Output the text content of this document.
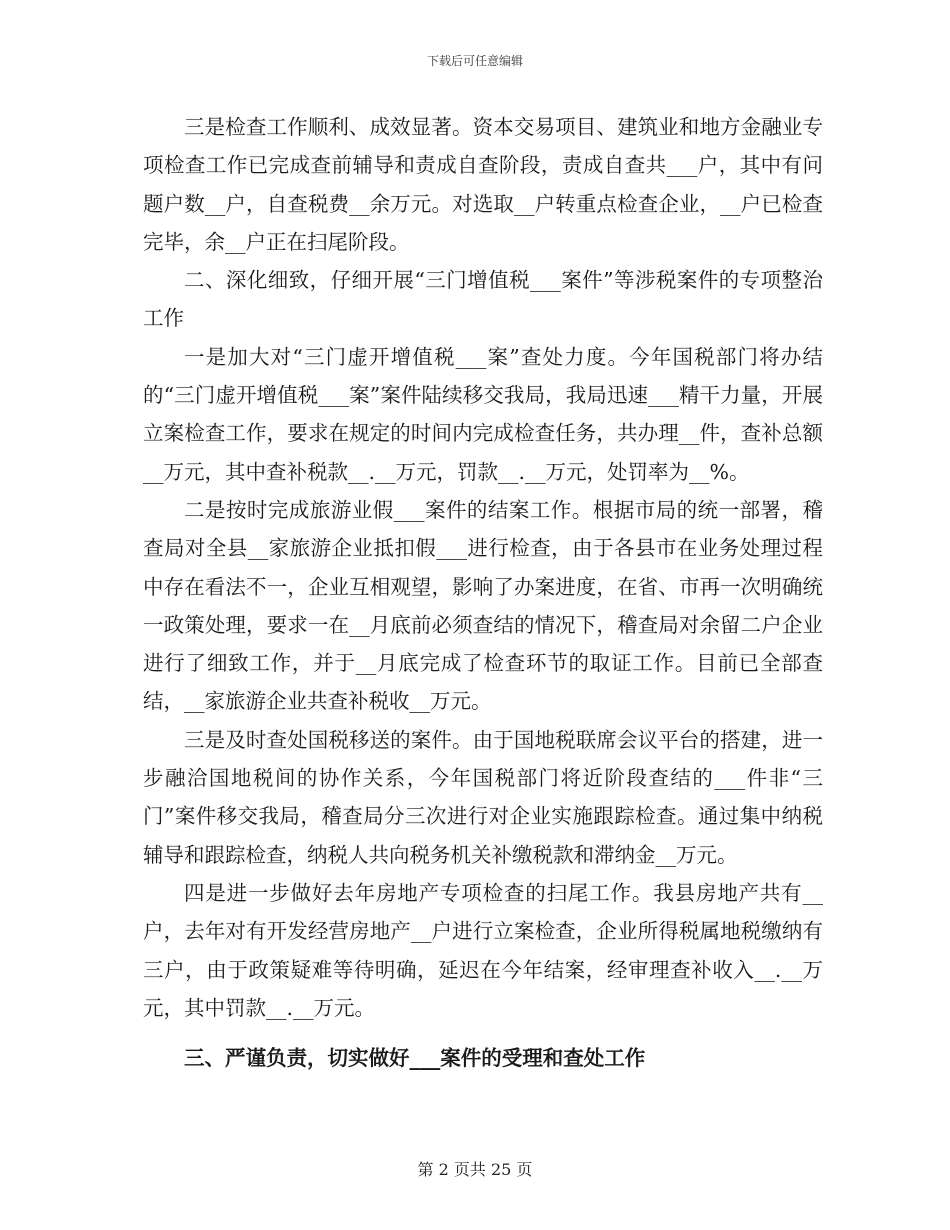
下载后可任意编辑

三是检查工作顺利、成效显著。资本交易项目、建筑业和地方金融业专项检查工作已完成查前辅导和责成自查阶段，责成自查共___户，其中有问题户数__户，自查税费__余万元。对选取__户转重点检查企业，__户已检查完毕，余__户正在扫尾阶段。

二、深化细致，仔细开展“三门增值税___案件”等涉税案件的专项整治工作

一是加大对“三门虚开增值税___案”查处力度。今年国税部门将办结的“三门虚开增值税___案”案件陆续移交我局，我局迅速___精干力量，开展立案检查工作，要求在规定的时间内完成检查任务，共办理__件，查补总额__万元，其中查补税款__.__万元，罚款__.__万元，处罚率为__%。

二是按时完成旅游业假___案件的结案工作。根据市局的统一部署，稽查局对全县__家旅游企业抵扣假___进行检查，由于各县市在业务处理过程中存在看法不一，企业互相观望，影响了办案进度，在省、市再一次明确统一政策处理，要求一在__月底前必须查结的情况下，稽查局对余留二户企业进行了细致工作，并于__月底完成了检查环节的取证工作。目前已全部查结，__家旅游企业共查补税收__万元。

三是及时查处国税移送的案件。由于国地税联席会议平台的搭建，进一步融洽国地税间的协作关系，今年国税部门将近阶段查结的___件非“三门”案件移交我局，稽查局分三次进行对企业实施跟踪检查。通过集中纳税辅导和跟踪检查，纳税人共向税务机关补缴税款和滞纳金__万元。

四是进一步做好去年房地产专项检查的扫尾工作。我县房地产共有__户，去年对有开发经营房地产__户进行立案检查，企业所得税属地税缴纳有三户，由于政策疑难等待明确，延迟在今年结案，经审理查补收入__.__万元，其中罚款__.__万元。

三、严谨负责，切实做好___案件的受理和查处工作

第 2 页共 25 页
